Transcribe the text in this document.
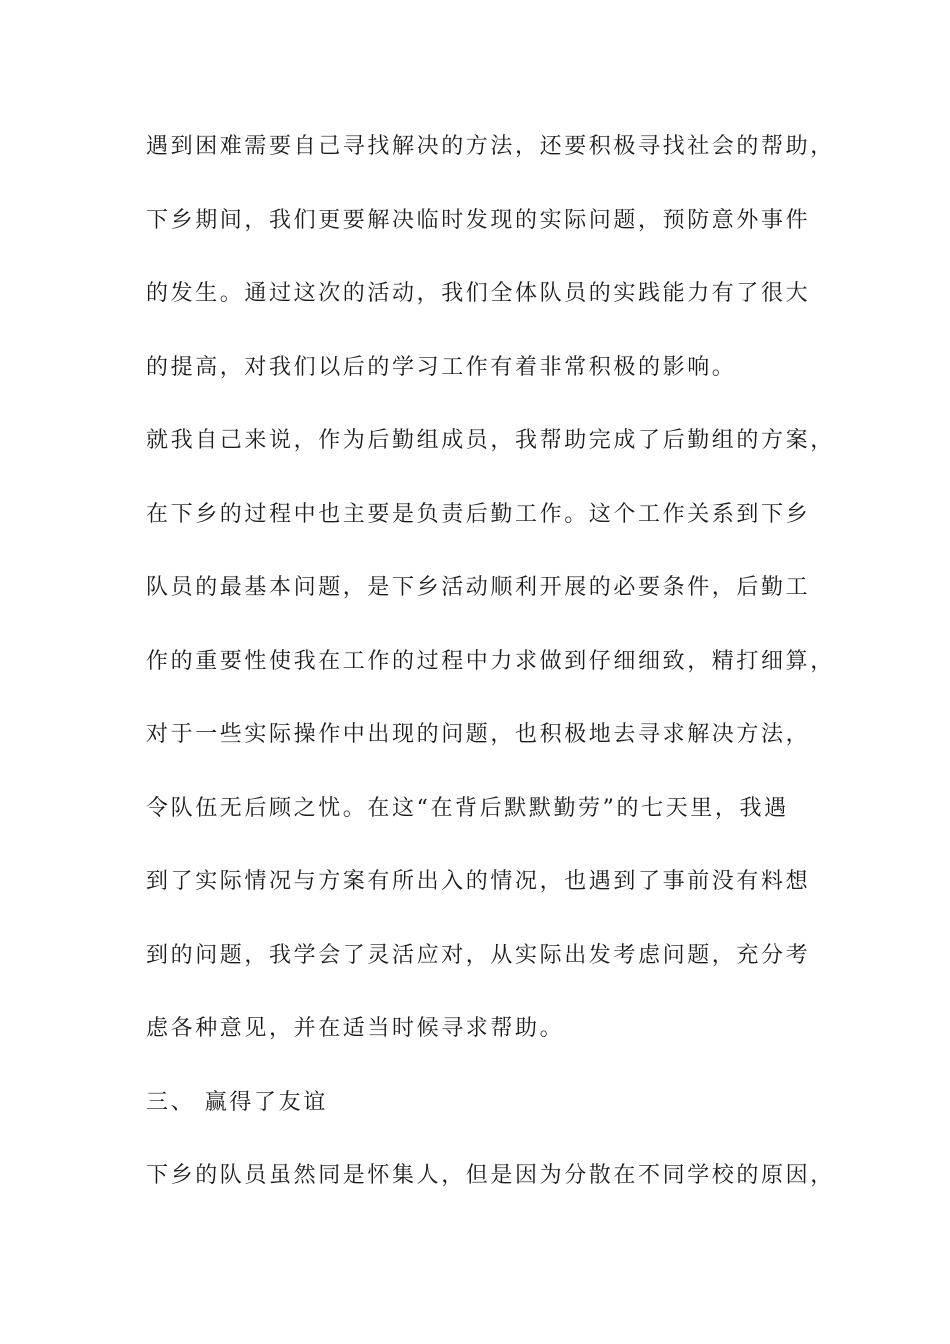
遇到困难需要自己寻找解决的方法，还要积极寻找社会的帮助，
下乡期间，我们更要解决临时发现的实际问题，预防意外事件
的发生。通过这次的活动，我们全体队员的实践能力有了很大
的提高，对我们以后的学习工作有着非常积极的影响。
就我自己来说，作为后勤组成员，我帮助完成了后勤组的方案，
在下乡的过程中也主要是负责后勤工作。这个工作关系到下乡
队员的最基本问题，是下乡活动顺利开展的必要条件，后勤工
作的重要性使我在工作的过程中力求做到仔细细致，精打细算，
对于一些实际操作中出现的问题，也积极地去寻求解决方法，
令队伍无后顾之忧。在这“在背后默默勤劳”的七天里，我遇
到了实际情况与方案有所出入的情况，也遇到了事前没有料想
到的问题，我学会了灵活应对，从实际出发考虑问题，充分考
虑各种意见，并在适当时候寻求帮助。
三、 赢得了友谊
下乡的队员虽然同是怀集人，但是因为分散在不同学校的原因，
